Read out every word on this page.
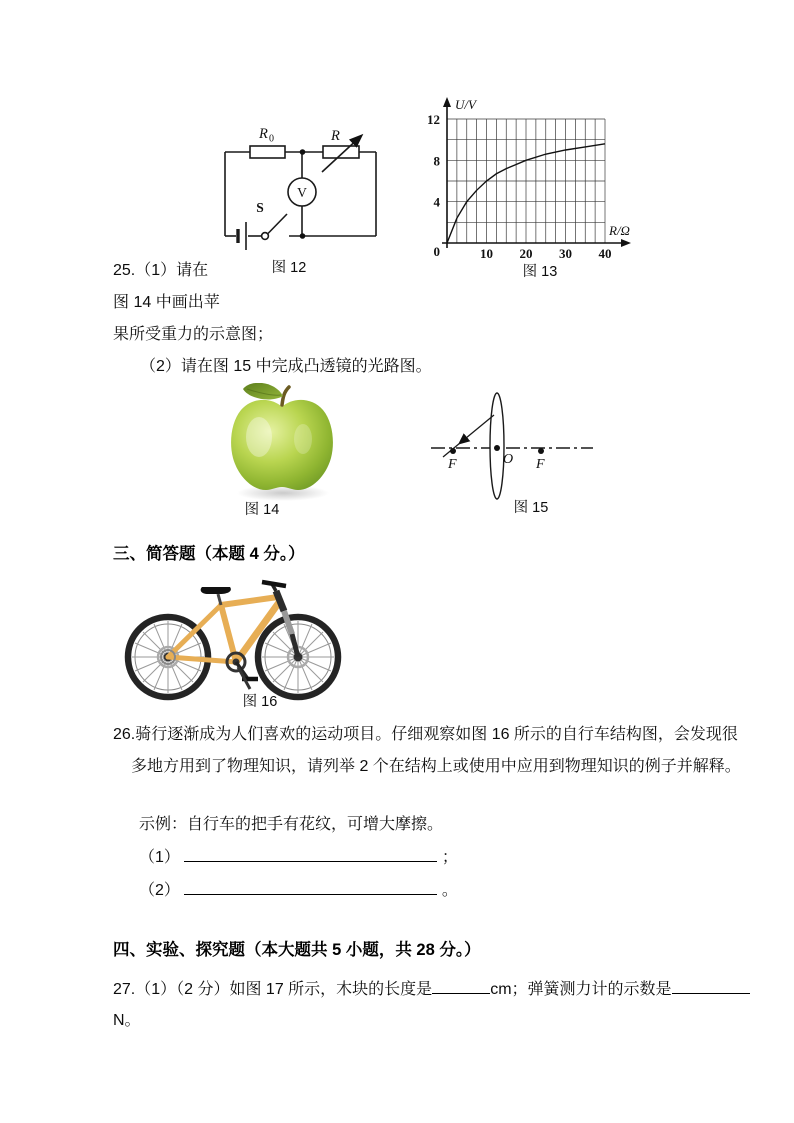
R 0	R
V
S
图 12
10 20 30 40
4
8
12
0
U/V
R/Ω
图 13
25.（1）请在
图 14 中画出苹
果所受重力的示意图；
（2）请在图 15 中完成凸透镜的光路图。
图 14
F	O F
图 15
三、简答题（本题 4 分。）
图 16
26.骑行逐渐成为人们喜欢的运动项目。仔细观察如图 16 所示的自行车结构图，会发现很
多地方用到了物理知识，请列举 2 个在结构上或使用中应用到物理知识的例子并解释。
示例：自行车的把手有花纹，可增大摩擦。
（1）	；
（2）	。
四、实验、探究题（本大题共 5 小题，共 28 分。）
27.（1）（2 分）如图 17 所示，木块的长度是	cm；弹簧测力计的示数是
N。
